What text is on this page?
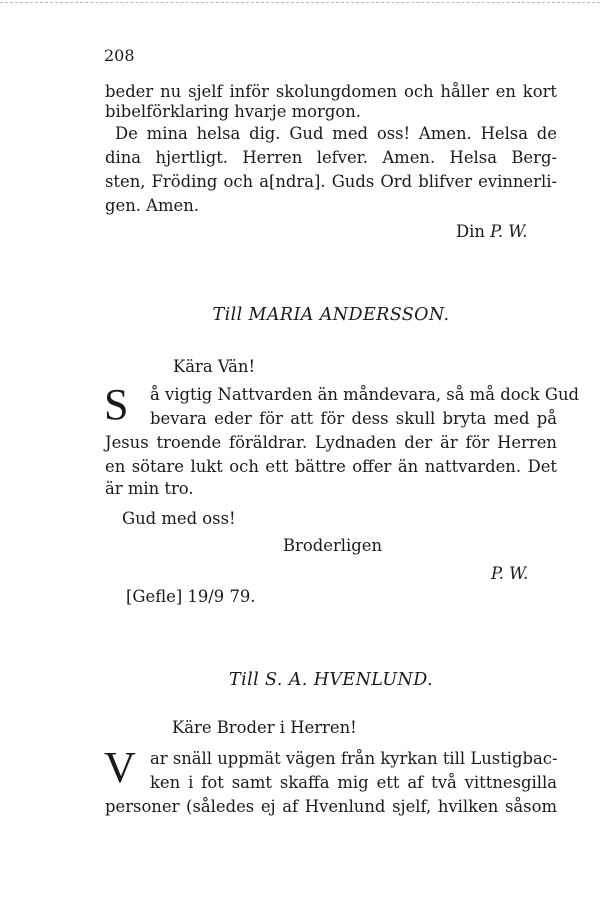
208
beder nu sjelf inför skolungdomen och håller en kort
bibelförklaring hvarje morgon.
De mina helsa dig. Gud med oss! Amen. Helsa de
dina hjertligt. Herren lefver. Amen. Helsa Berg-
sten, Fröding och a[ndra]. Guds Ord blifver evinnerli-
gen. Amen.
Din P. W.
Till MARIA ANDERSSON.
Kära Vän!
S å vigtig Nattvarden än måndevara, så må dock Gud
bevara eder för att för dess skull bryta med på
Jesus troende föräldrar. Lydnaden der är för Herren
en sötare lukt och ett bättre offer än nattvarden. Det
är min tro.
Gud med oss!
Broderligen
P. W.
[Gefle] 19/9 79.
Till S. A. HVENLUND.
Käre Broder i Herren!
V ar snäll uppmät vägen från kyrkan till Lustigbac-
ken i fot samt skaffa mig ett af två vittnesgilla
personer (således ej af Hvenlund sjelf, hvilken såsom
